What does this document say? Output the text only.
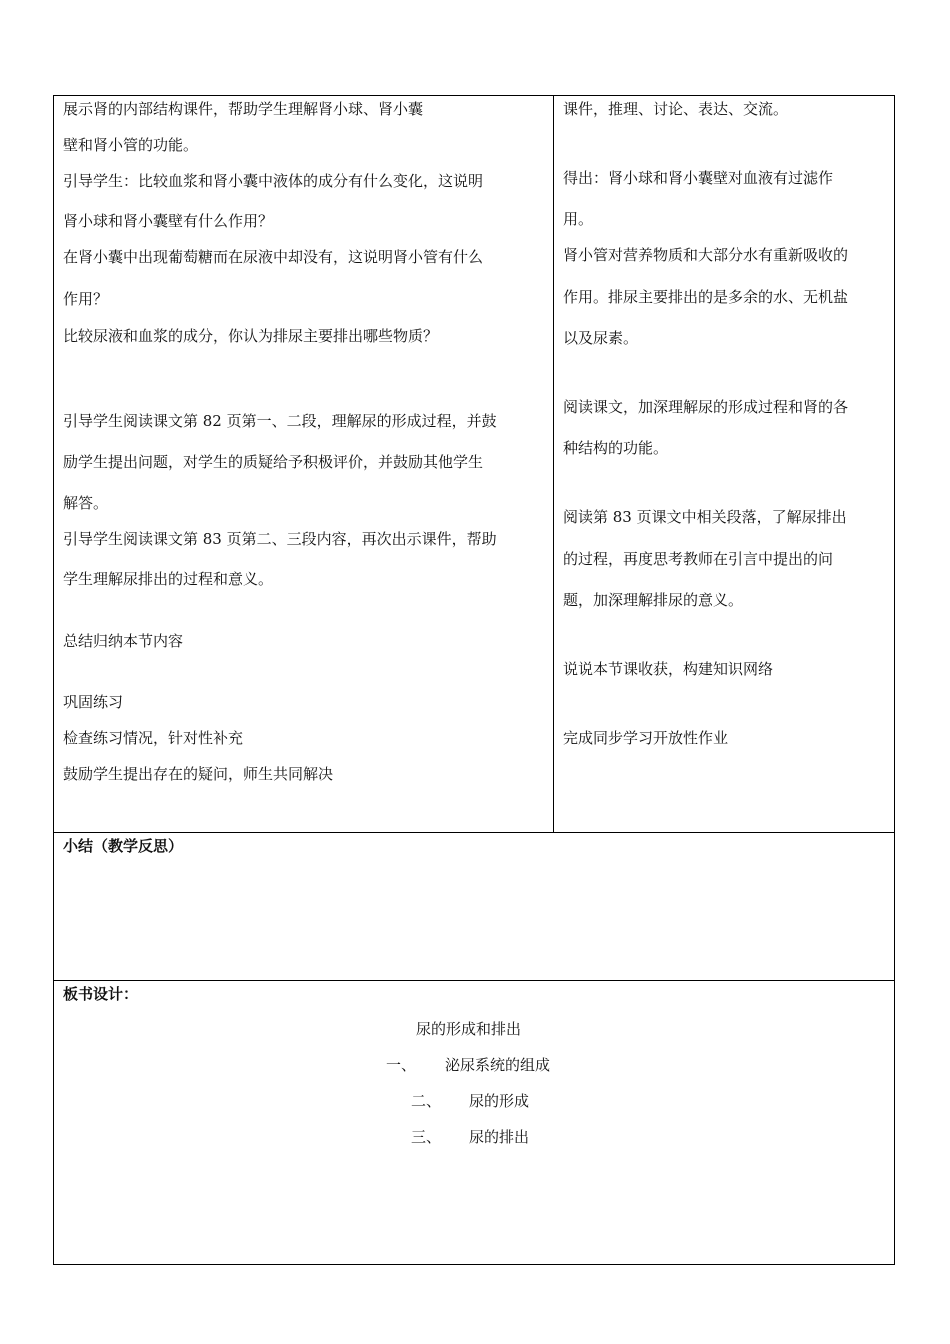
展示肾的内部结构课件，帮助学生理解肾小球、肾小囊
壁和肾小管的功能。
引导学生：比较血浆和肾小囊中液体的成分有什么变化，这说明
肾小球和肾小囊壁有什么作用？
在肾小囊中出现葡萄糖而在尿液中却没有，这说明肾小管有什么
作用？
比较尿液和血浆的成分，你认为排尿主要排出哪些物质？
引导学生阅读课文第 82 页第一、二段，理解尿的形成过程，并鼓
励学生提出问题，对学生的质疑给予积极评价，并鼓励其他学生
解答。
引导学生阅读课文第 83 页第二、三段内容，再次出示课件，帮助
学生理解尿排出的过程和意义。
总结归纳本节内容
巩固练习
检查练习情况，针对性补充
鼓励学生提出存在的疑问，师生共同解决
课件，推理、讨论、表达、交流。
得出：肾小球和肾小囊壁对血液有过滤作
用。
肾小管对营养物质和大部分水有重新吸收的
作用。排尿主要排出的是多余的水、无机盐
以及尿素。
阅读课文，加深理解尿的形成过程和肾的各
种结构的功能。
阅读第 83 页课文中相关段落，了解尿排出
的过程，再度思考教师在引言中提出的问
题，加深理解排尿的意义。
说说本节课收获，构建知识网络
完成同步学习开放性作业
小结（教学反思）
板书设计：
尿的形成和排出
一、 泌尿系统的组成
二、 尿的形成
三、 尿的排出
